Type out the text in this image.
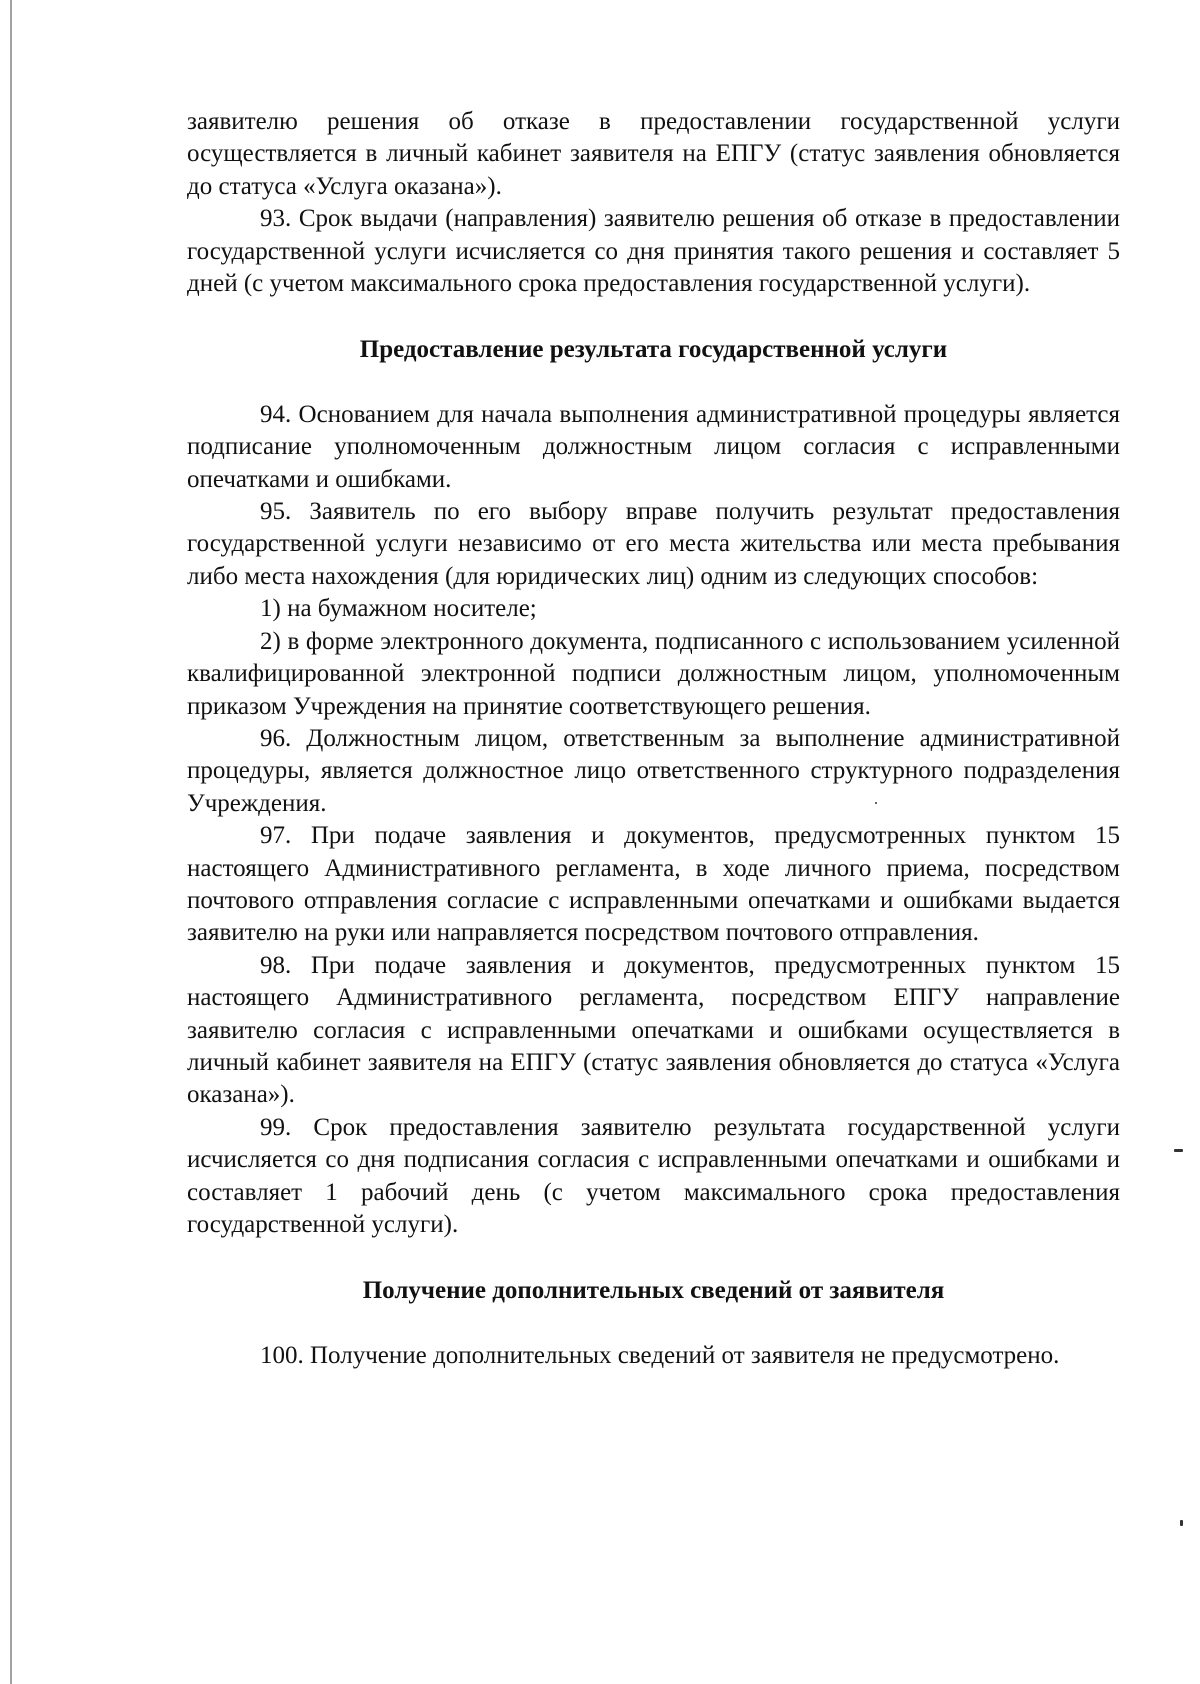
заявителю решения об отказе в предоставлении государственной услуги осуществляется в личный кабинет заявителя на ЕПГУ (статус заявления обновляется до статуса «Услуга оказана»).

93. Срок выдачи (направления) заявителю решения об отказе в предоставлении государственной услуги исчисляется со дня принятия такого решения и составляет 5 дней (с учетом максимального срока предоставления государственной услуги).

Предоставление результата государственной услуги

94. Основанием для начала выполнения административной процедуры является подписание уполномоченным должностным лицом согласия с исправленными опечатками и ошибками.

95. Заявитель по его выбору вправе получить результат предоставления государственной услуги независимо от его места жительства или места пребывания либо места нахождения (для юридических лиц) одним из следующих способов:

1) на бумажном носителе;

2) в форме электронного документа, подписанного с использованием усиленной квалифицированной электронной подписи должностным лицом, уполномоченным приказом Учреждения на принятие соответствующего решения.

96. Должностным лицом, ответственным за выполнение административной процедуры, является должностное лицо ответственного структурного подразделения Учреждения.

97. При подаче заявления и документов, предусмотренных пунктом 15 настоящего Административного регламента, в ходе личного приема, посредством почтового отправления согласие с исправленными опечатками и ошибками выдается заявителю на руки или направляется посредством почтового отправления.

98. При подаче заявления и документов, предусмотренных пунктом 15 настоящего Административного регламента, посредством ЕПГУ направление заявителю согласия с исправленными опечатками и ошибками осуществляется в личный кабинет заявителя на ЕПГУ (статус заявления обновляется до статуса «Услуга оказана»).

99. Срок предоставления заявителю результата государственной услуги исчисляется со дня подписания согласия с исправленными опечатками и ошибками и составляет 1 рабочий день (с учетом максимального срока предоставления государственной услуги).

Получение дополнительных сведений от заявителя

100. Получение дополнительных сведений от заявителя не предусмотрено.
